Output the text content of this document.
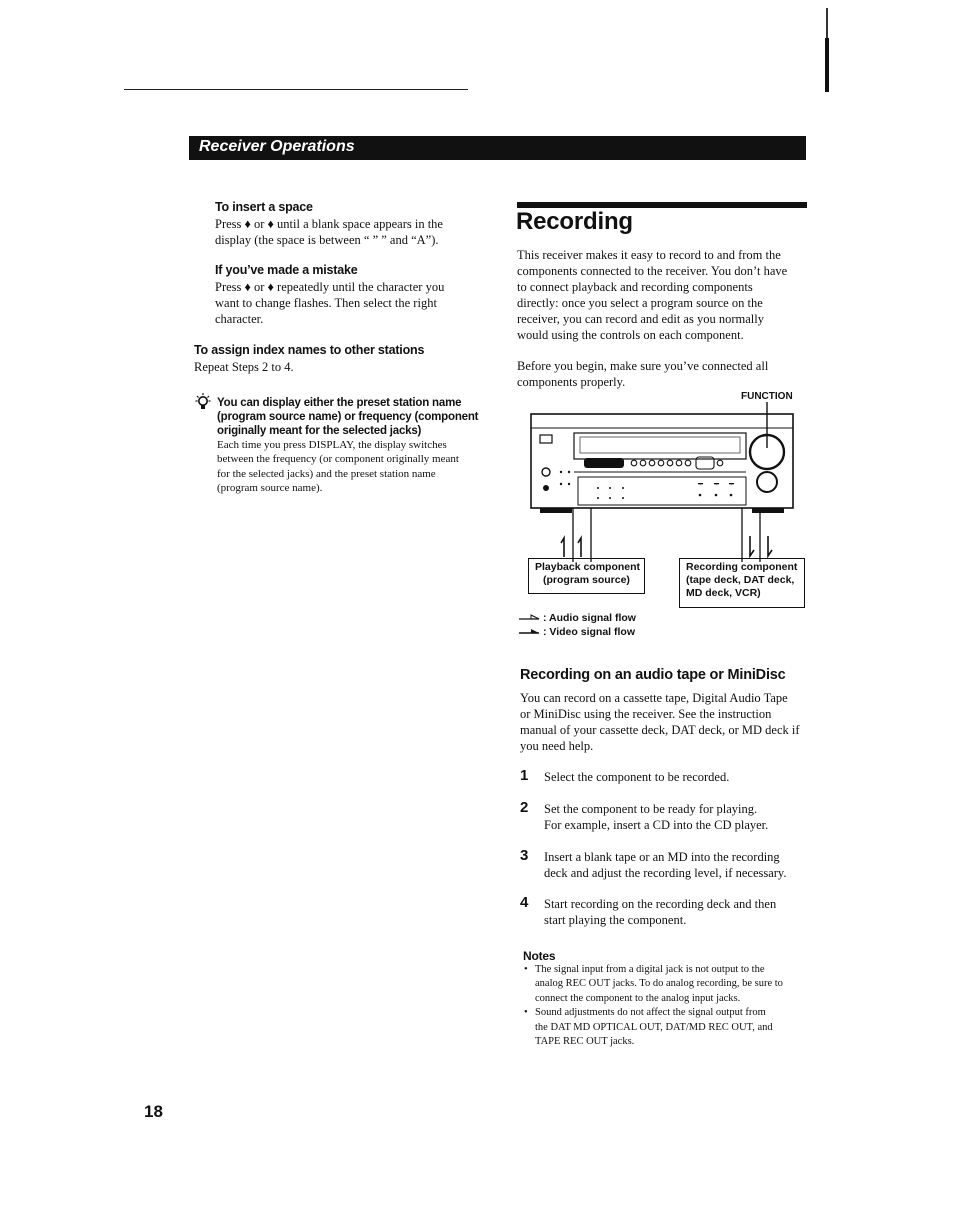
Receiver Operations
To insert a space
Press ♦ or ♦ until a blank space appears in the
display (the space is between “ ” ” and “A”).
If you’ve made a mistake
Press ♦ or ♦ repeatedly until the character you
want to change flashes. Then select the right
character.
To assign index names to other stations
Repeat Steps 2 to 4.
You can display either the preset station name
(program source name) or frequency (component
originally meant for the selected jacks)
Each time you press DISPLAY, the display switches
between the frequency (or component originally meant
for the selected jacks) and the preset station name
(program source name).
Recording
This receiver makes it easy to record to and from the
components connected to the receiver. You don’t have
to connect playback and recording components
directly: once you select a program source on the
receiver, you can record and edit as you normally
would using the controls on each component.
Before you begin, make sure you’ve connected all
components properly.
FUNCTION
Playback component
(program source)
Recording component
(tape deck, DAT deck,
MD deck, VCR)
: Audio signal flow
: Video signal flow
Recording on an audio tape or MiniDisc
You can record on a cassette tape, Digital Audio Tape
or MiniDisc using the receiver. See the instruction
manual of your cassette deck, DAT deck, or MD deck if
you need help.
1 Select the component to be recorded.
2 Set the component to be ready for playing.
For example, insert a CD into the CD player.
3 Insert a blank tape or an MD into the recording
deck and adjust the recording level, if necessary.
4 Start recording on the recording deck and then
start playing the component.
Notes
• The signal input from a digital jack is not output to the
analog REC OUT jacks. To do analog recording, be sure to
connect the component to the analog input jacks.
• Sound adjustments do not affect the signal output from
the DAT MD OPTICAL OUT, DAT/MD REC OUT, and
TAPE REC OUT jacks.
18
